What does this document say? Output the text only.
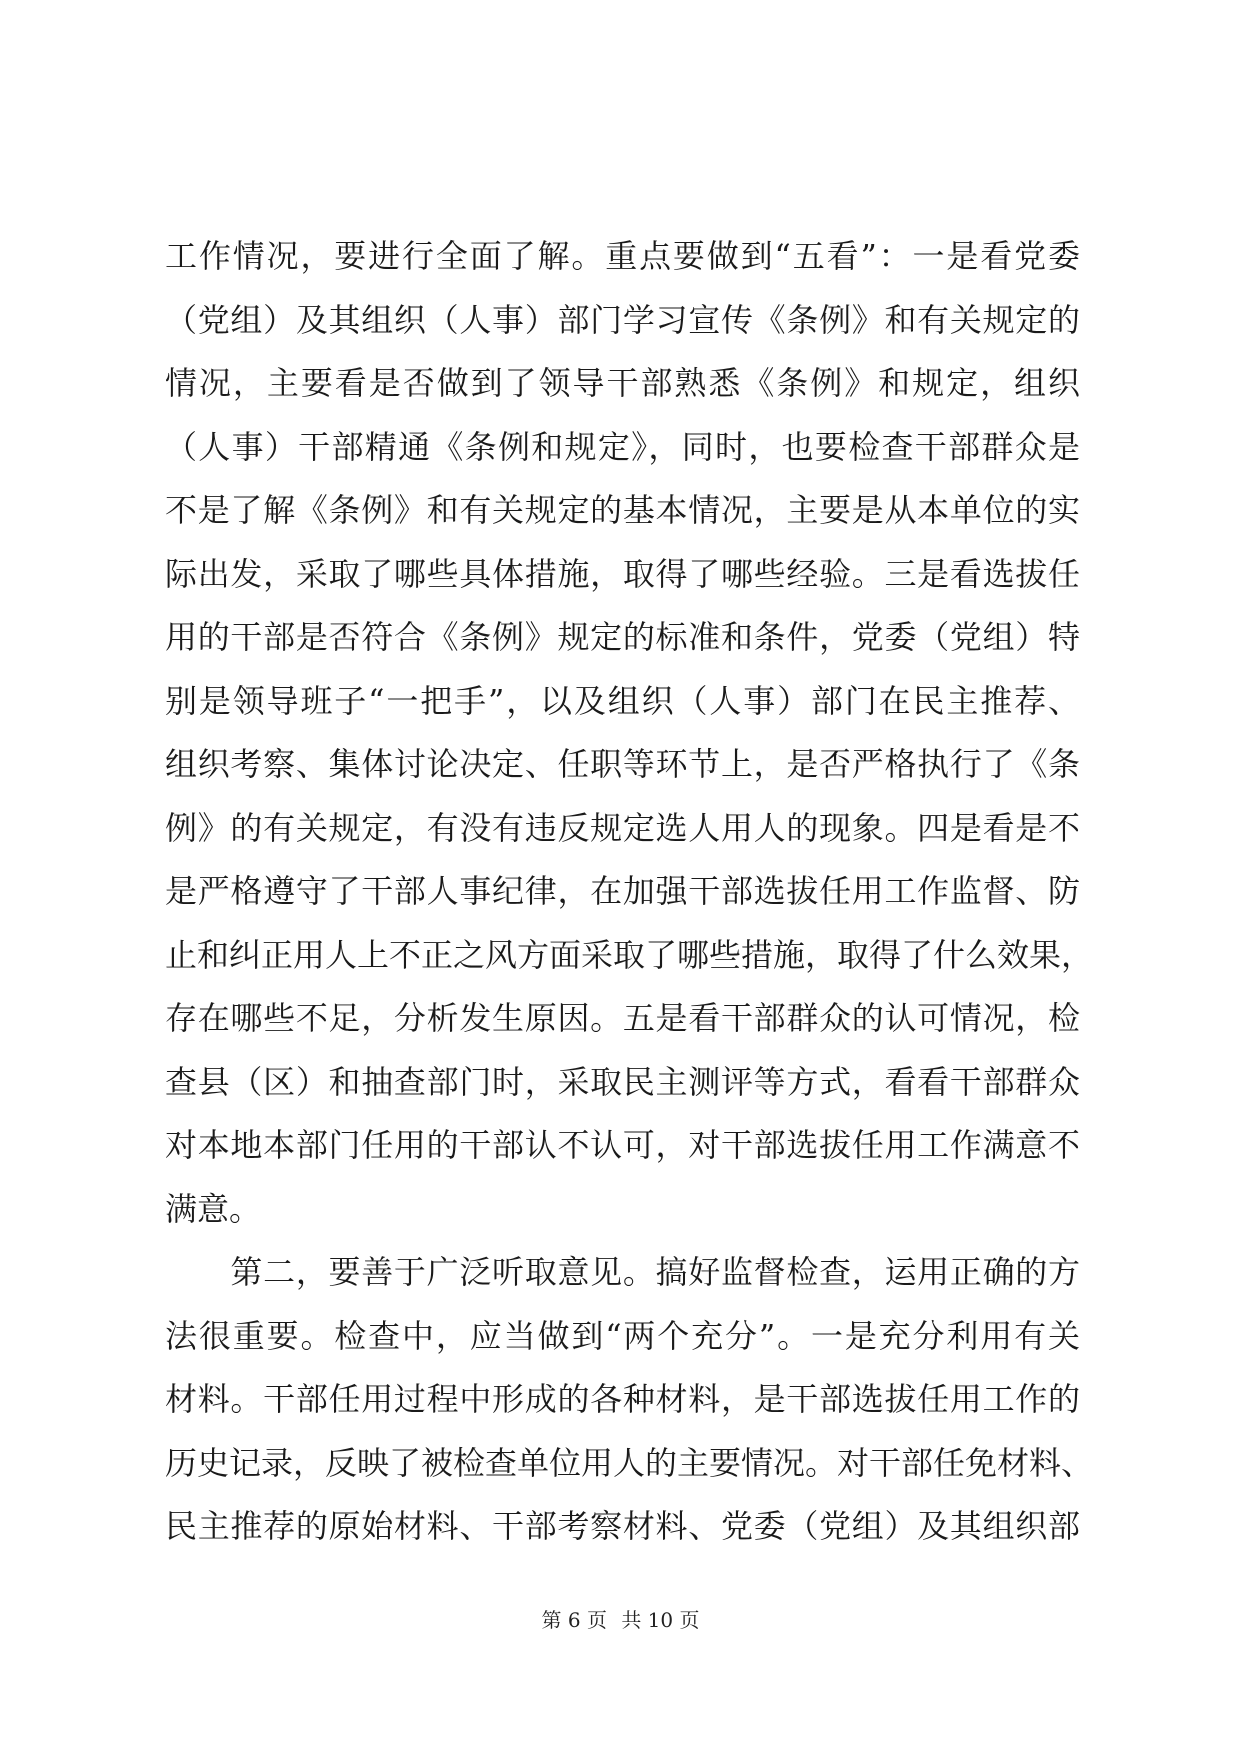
工作情况，要进行全面了解。重点要做到“五看”：一是看党委
（党组）及其组织（人事）部门学习宣传《条例》和有关规定的
情况，主要看是否做到了领导干部熟悉《条例》和规定，组织
（人事）干部精通《条例和规定》，同时，也要检查干部群众是
不是了解《条例》和有关规定的基本情况，主要是从本单位的实
际出发，采取了哪些具体措施，取得了哪些经验。三是看选拔任
用的干部是否符合《条例》规定的标准和条件，党委（党组）特
别是领导班子“一把手”，以及组织（人事）部门在民主推荐、
组织考察、集体讨论决定、任职等环节上，是否严格执行了《条
例》的有关规定，有没有违反规定选人用人的现象。四是看是不
是严格遵守了干部人事纪律，在加强干部选拔任用工作监督、防
止和纠正用人上不正之风方面采取了哪些措施，取得了什么效果，
存在哪些不足，分析发生原因。五是看干部群众的认可情况，检
查县（区）和抽查部门时，采取民主测评等方式，看看干部群众
对本地本部门任用的干部认不认可，对干部选拔任用工作满意不
满意。
　　第二，要善于广泛听取意见。搞好监督检查，运用正确的方
法很重要。检查中，应当做到“两个充分”。一是充分利用有关
材料。干部任用过程中形成的各种材料，是干部选拔任用工作的
历史记录，反映了被检查单位用人的主要情况。对干部任免材料、
民主推荐的原始材料、干部考察材料、党委（党组）及其组织部
第 6 页 共 10 页
